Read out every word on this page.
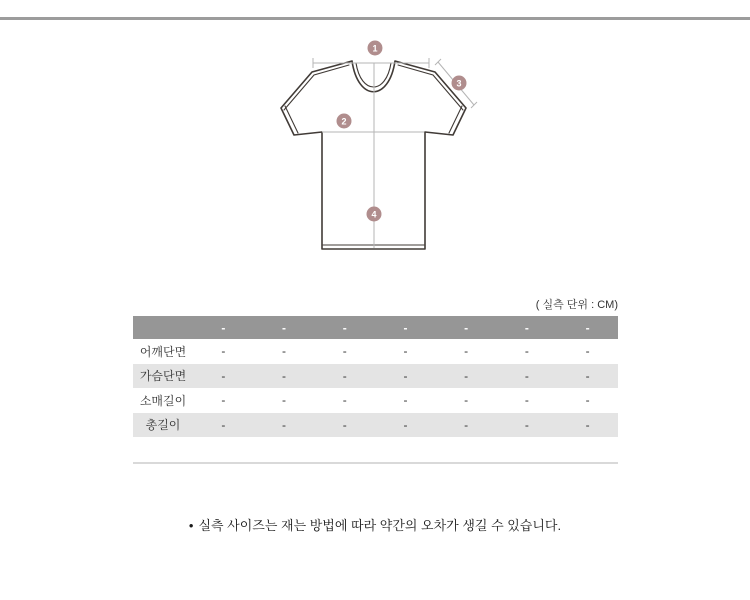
1
2
3
4
( 실측 단위 : CM)
	-	-	-	-	-	-	-
어깨단면	-	-	-	-	-	-	-
가슴단면	-	-	-	-	-	-	-
소매길이	-	-	-	-	-	-	-
총길이	-	-	-	-	-	-	-
• 실측 사이즈는 재는 방법에 따라 약간의 오차가 생길 수 있습니다.
